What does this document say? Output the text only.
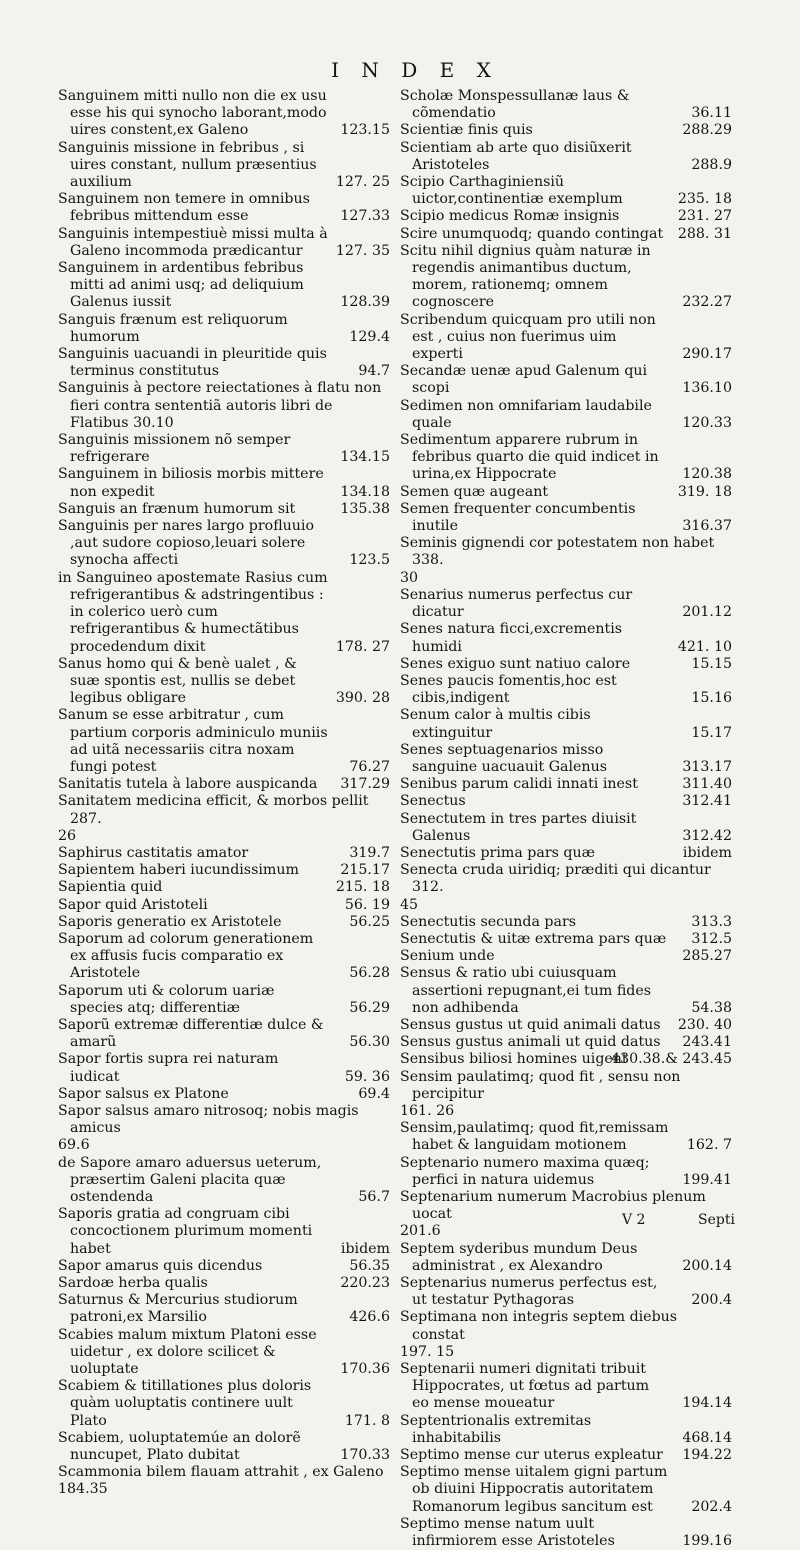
I N D E X
Sanguinem mitti nullo non die ex usu esse his qui synocho laborant,modo uires constent,ex Galeno	123.15
Sanguinis missione in febribus , si uires constant, nullum præsentius auxilium	127. 25
Sanguinem non temere in omnibus febribus mittendum esse	127.33
Sanguinis intempestiuè missi multa à Galeno incommoda prædicantur	127. 35
Sanguinem in ardentibus febribus mitti ad animi usq; ad deliquium Galenus iussit	128.39
Sanguis frænum est reliquorum humorum	129.4
Sanguinis uacuandi in pleuritide quis terminus constitutus	94.7
Sanguinis à pectore reiectationes à flatu non fieri contra sententiã autoris libri de Flatibus 30.10
Sanguinis missionem nõ semper refrigerare	134.15
Sanguinem in biliosis morbis mittere non expedit	134.18
Sanguis an frænum humorum sit	135.38
Sanguinis per nares largo profluuio ,aut sudore copioso,leuari solere synocha affecti	123.5
in Sanguineo apostemate Rasius cum refrigerantibus & adstringentibus : in colerico uerò cum refrigerantibus & humectãtibus procedendum dixit	178. 27
Sanus homo qui & benè ualet , & suæ spontis est, nullis se debet legibus obligare	390. 28
Sanum se esse arbitratur , cum partium corporis adminiculo muniis ad uitã necessariis citra noxam fungi potest	76.27
Sanitatis tutela à labore auspicanda	317.29
Sanitatem medicina efficit, & morbos pellit 287.
26
Saphirus castitatis amator	319.7
Sapientem haberi iucundissimum	215.17
Sapientia quid	215. 18
Sapor quid Aristoteli	56. 19
Saporis generatio ex Aristotele	56.25
Saporum ad colorum generationem ex affusis fucis comparatio ex Aristotele	56.28
Saporum uti & colorum uariæ species atq; differentiæ	56.29
Saporũ extremæ differentiæ dulce & amarũ	56.30
Sapor fortis supra rei naturam iudicat	59. 36
Sapor salsus ex Platone	69.4
Sapor salsus amaro nitrosoq; nobis magis amicus
69.6
de Sapore amaro aduersus ueterum, præsertim Galeni placita quæ ostendenda	56.7
Saporis gratia ad congruam cibi concoctionem plurimum momenti habet	ibidem
Sapor amarus quis dicendus	56.35
Sardoæ herba qualis	220.23
Saturnus & Mercurius studiorum patroni,ex Marsilio	426.6
Scabies malum mixtum Platoni esse uidetur , ex dolore scilicet & uoluptate	170.36
Scabiem & titillationes plus doloris quàm uoluptatis continere uult Plato	171. 8
Scabiem, uoluptatemúe an dolorẽ nuncupet, Plato dubitat	170.33
Scammonia bilem flauam attrahit , ex Galeno
184.35
Scholæ Monspessullanæ laus & cõmendatio	36.11
Scientiæ finis quis	288.29
Scientiam ab arte quo disiũxerit Aristoteles	288.9
Scipio Carthaginiensiũ uictor,continentiæ exemplum	235. 18
Scipio medicus Romæ insignis	231. 27
Scire unumquodq; quando contingat	288. 31
Scitu nihil dignius quàm naturæ in regendis animantibus ductum, morem, rationemq; omnem cognoscere	232.27
Scribendum quicquam pro utili non est , cuius non fuerimus uim experti	290.17
Secandæ uenæ apud Galenum qui scopi	136.10
Sedimen non omnifariam laudabile quale	120.33
Sedimentum apparere rubrum in febribus quarto die quid indicet in urina,ex Hippocrate	120.38
Semen quæ augeant	319. 18
Semen frequenter concumbentis inutile	316.37
Seminis gignendi cor potestatem non habet 338.
30
Senarius numerus perfectus cur dicatur	201.12
Senes natura ficci,excrementis humidi	421. 10
Senes exiguo sunt natiuo calore	15.15
Senes paucis fomentis,hoc est cibis,indigent	15.16
Senum calor à multis cibis extinguitur	15.17
Senes septuagenarios misso sanguine uacuauit Galenus	313.17
Senibus parum calidi innati inest	311.40
Senectus	312.41
Senectutem in tres partes diuisit Galenus	312.42
Senectutis prima pars quæ	ibidem
Senecta cruda uiridiq; præditi qui dicantur 312.
45
Senectutis secunda pars	313.3
Senectutis & uitæ extrema pars quæ	312.5
Senium unde	285.27
Sensus & ratio ubi cuiusquam assertioni repugnant,ei tum fides non adhibenda	54.38
Sensus gustus ut quid animali datus	230. 40
Sensus gustus animali ut quid datus	243.41
Sensibus biliosi homines uigent
430.38.& 243.45
Sensim paulatimq; quod fit , sensu non percipitur
161. 26
Sensim,paulatimq; quod fit,remissam habet & languidam motionem	162. 7
Septenario numero maxima quæq; perfici in natura uidemus	199.41
Septenarium numerum Macrobius plenum uocat
201.6
Septem syderibus mundum Deus administrat , ex Alexandro	200.14
Septenarius numerus perfectus est, ut testatur Pythagoras	200.4
Septimana non integris septem diebus constat
197. 15
Septenarii numeri dignitati tribuit Hippocrates, ut fœtus ad partum eo mense moueatur	194.14
Septentrionalis extremitas inhabitabilis	468.14
Septimo mense cur uterus expleatur	194.22
Septimo mense uitalem gigni partum ob diuini Hippocratis autoritatem Romanorum legibus sancitum est	202.4
Septimo mense natum uult infirmiorem esse Aristoteles	199.16
V 2	Septi
